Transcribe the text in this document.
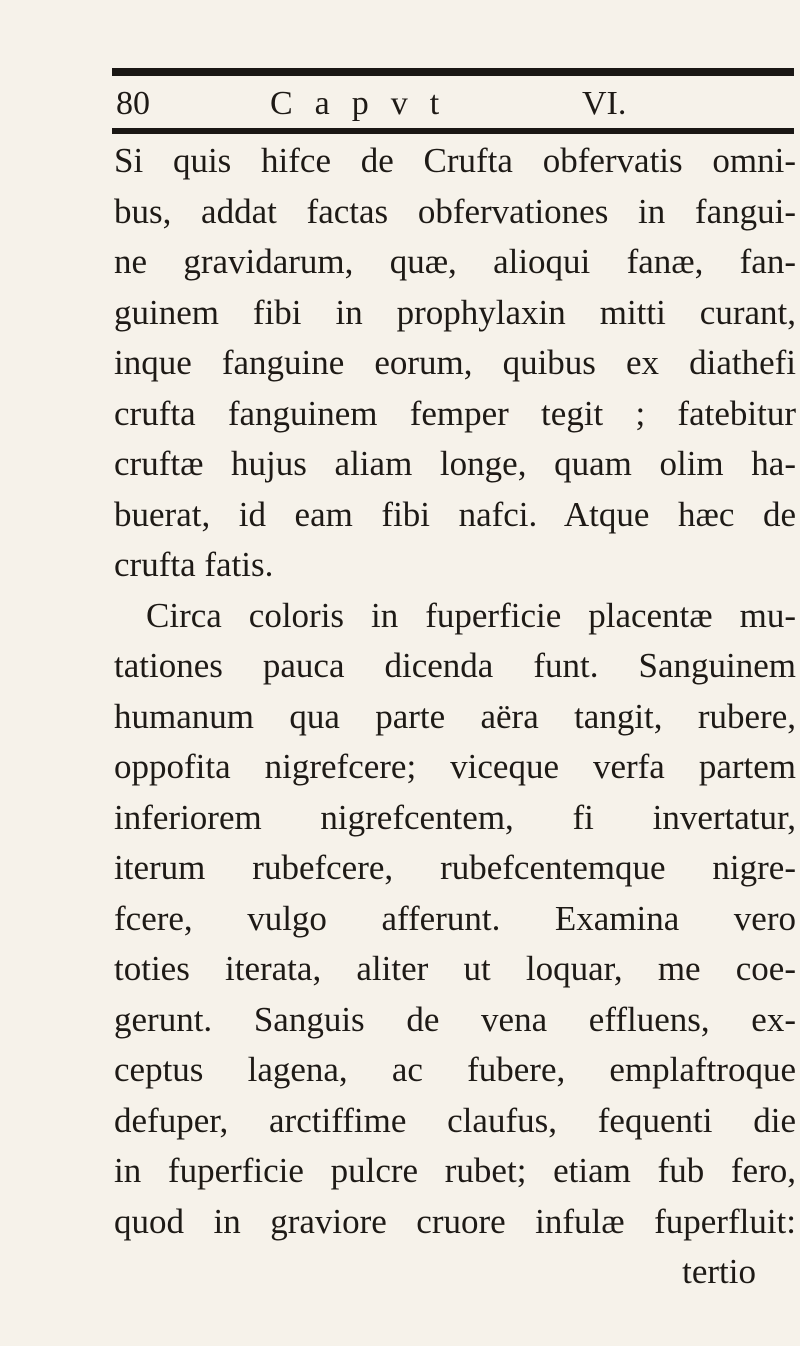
80	Capvt	VI.
Si quis hifce de Crufta obfervatis omni-
bus, addat factas obfervationes in fangui-
ne gravidarum, quæ, alioqui fanæ, fan-
guinem fibi in prophylaxin mitti curant,
inque fanguine eorum, quibus ex diathefi
crufta fanguinem femper tegit ; fatebitur
cruftæ hujus aliam longe, quam olim ha-
buerat, id eam fibi nafci. Atque hæc de
crufta fatis.
Circa coloris in fuperficie placentæ mu-
tationes pauca dicenda funt. Sanguinem
humanum qua parte aëra tangit, rubere,
oppofita nigrefcere; viceque verfa partem
inferiorem nigrefcentem, fi invertatur,
iterum rubefcere, rubefcentemque nigre-
fcere, vulgo afferunt. Examina vero
toties iterata, aliter ut loquar, me coe-
gerunt. Sanguis de vena effluens, ex-
ceptus lagena, ac fubere, emplaftroque
defuper, arctiffime claufus, fequenti die
in fuperficie pulcre rubet; etiam fub fero,
quod in graviore cruore infulæ fuperfluit:
tertio
